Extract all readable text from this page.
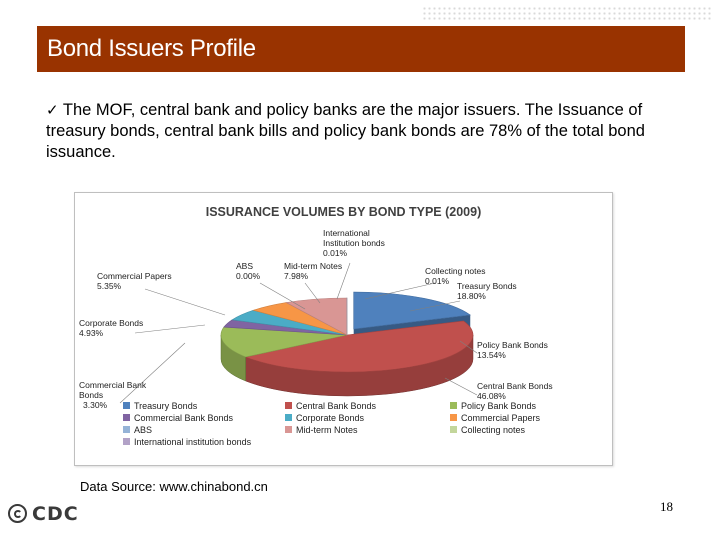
Bond Issuers Profile
✓ The MOF, central bank and policy banks are the major issuers. The Issuance of treasury bonds, central bank bills and policy bank bonds are 78% of the total bond issuance.
ISSURANCE VOLUMES BY BOND TYPE (2009)
Treasury Bonds
18.80%
Central Bank Bonds
46.08%
Policy Bank Bonds
13.54%
Commercial Bank
Bonds
3.30%
Corporate Bonds
4.93%
Commercial Papers
5.35%
ABS
0.00%
Mid-term Notes
7.98%	Collecting notes
0.01%
International
Institution bonds
0.01%
Treasury Bonds	Central Bank Bonds	Policy Bank Bonds
Commercial Bank Bonds	Corporate Bonds	Commercial Papers
ABS	Mid-term Notes	Collecting notes
International institution bonds
Data Source: www.chinabond.cn
18
CDC
